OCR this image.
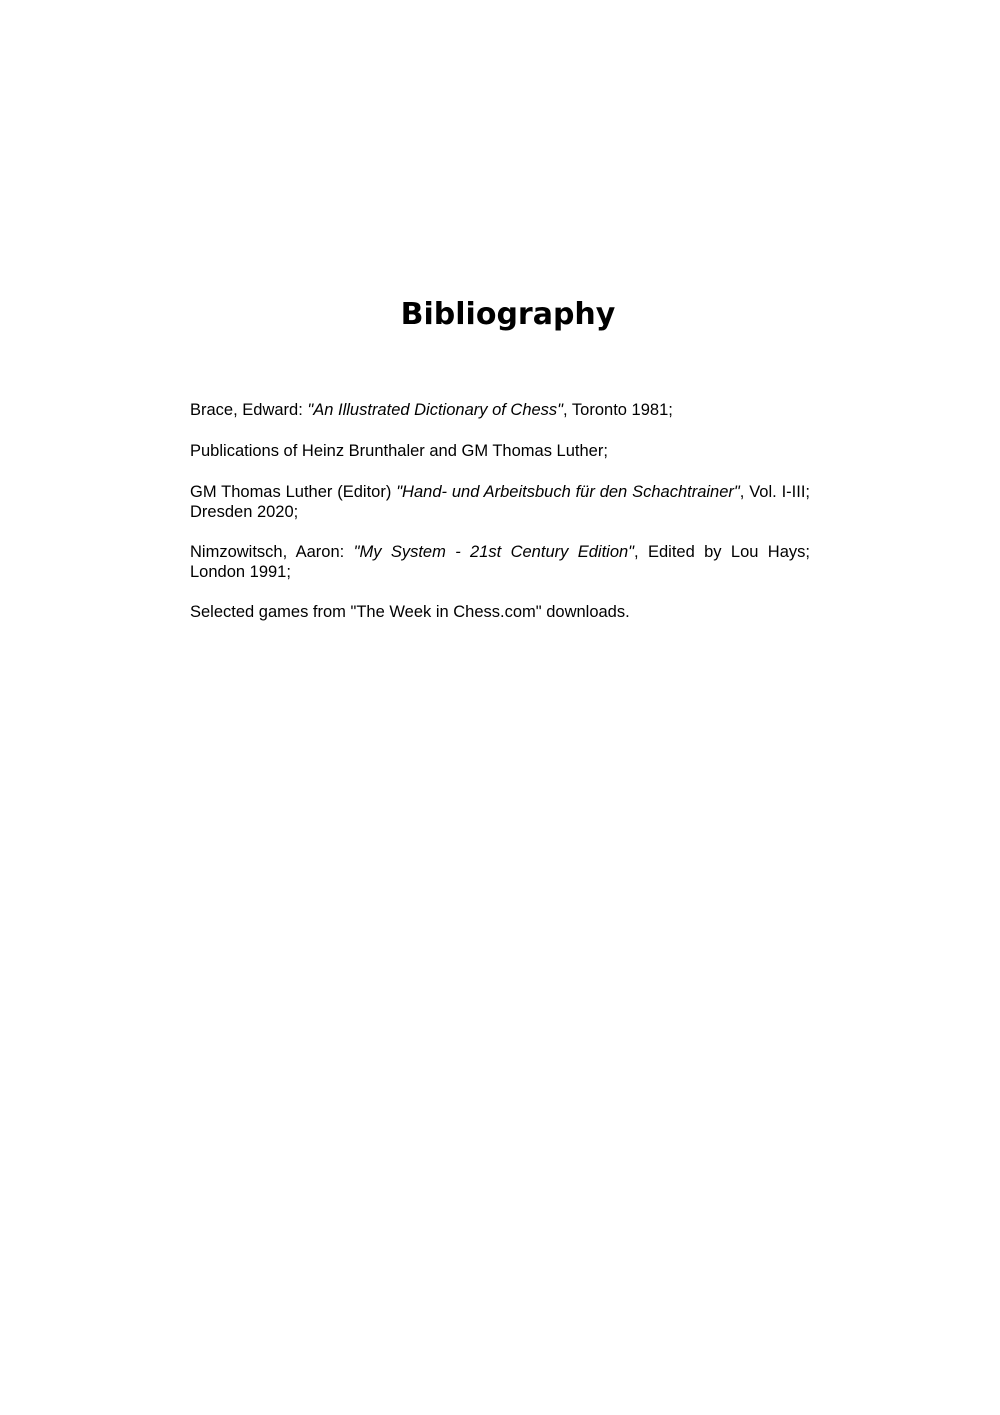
Bibliography

Brace, Edward: "An Illustrated Dictionary of Chess", Toronto 1981;

Publications of Heinz Brunthaler and GM Thomas Luther;

GM Thomas Luther (Editor) "Hand- und Arbeitsbuch für den Schachtrainer", Vol. I-III; Dresden 2020;

Nimzowitsch, Aaron: "My System - 21st Century Edition", Edited by Lou Hays; London 1991;

Selected games from "The Week in Chess.com" downloads.
